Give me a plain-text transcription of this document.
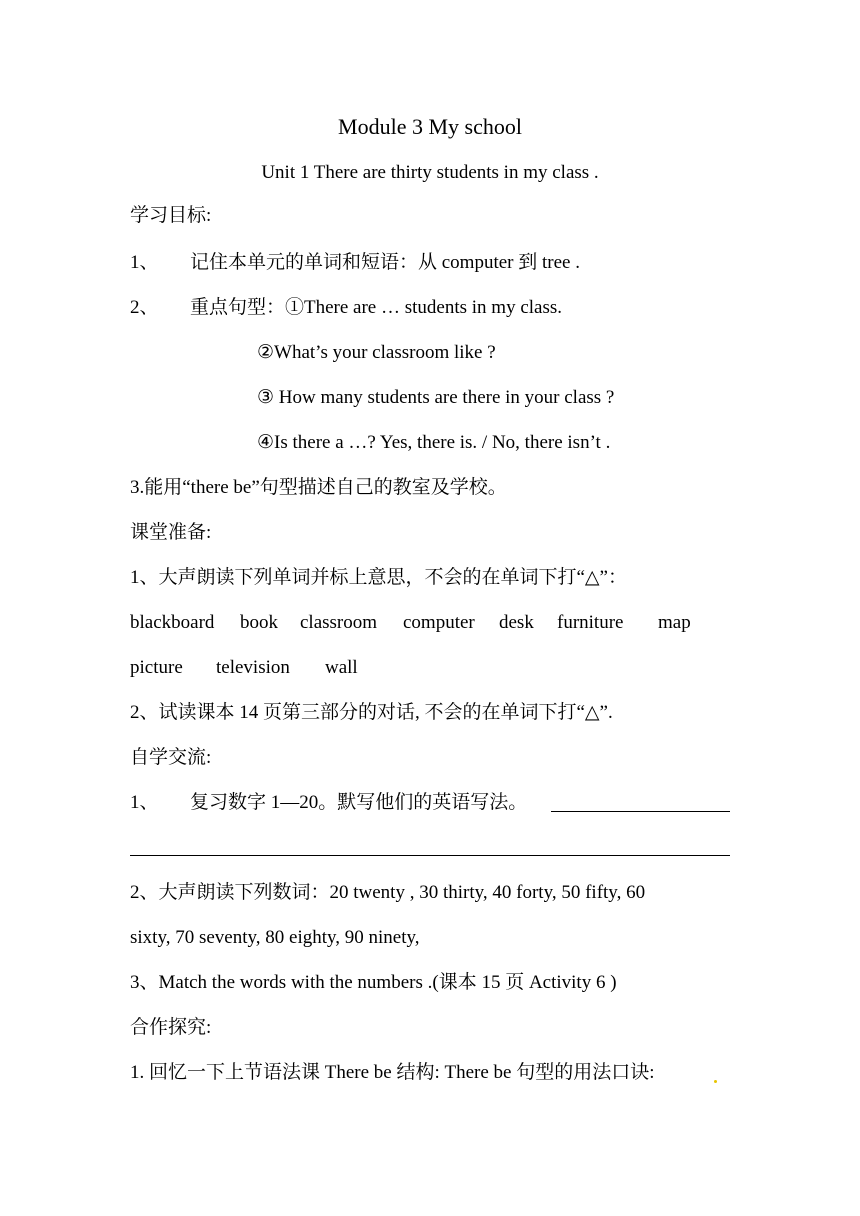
Module 3 My school
Unit 1 There are thirty students in my class .
学习目标:
1、 记住本单元的单词和短语：从 computer 到 tree .
2、 重点句型：①There are … students in my class.
②What’s your classroom like ?
③ How many students are there in your class ?
④Is there a …? Yes, there is. / No, there isn’t .
3.能用“there be”句型描述自己的教室及学校。
课堂准备:
1、大声朗读下列单词并标上意思，不会的在单词下打“△”：
blackboard book classroom computer desk furniture map
picture television wall
2、试读课本 14 页第三部分的对话, 不会的在单词下打“△”.
自学交流:
1、 复习数字 1—20。默写他们的英语写法。
2、大声朗读下列数词：20 twenty , 30 thirty, 40 forty, 50 fifty, 60
sixty, 70 seventy, 80 eighty, 90 ninety,
3、Match the words with the numbers .(课本 15 页 Activity 6 )
合作探究:
1. 回忆一下上节语法课 There be 结构: There be 句型的用法口诀:
